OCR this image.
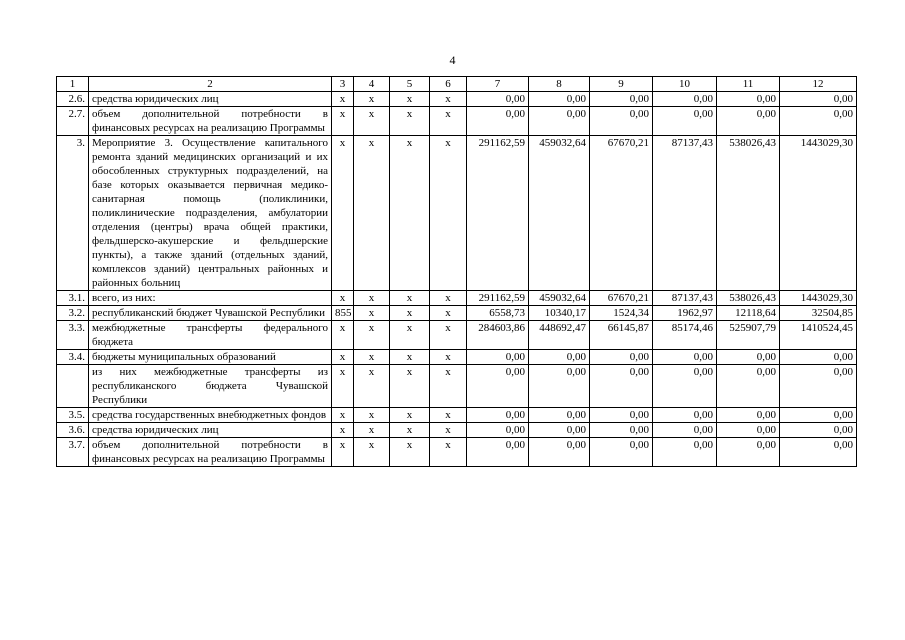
4
1	2	3	4	5	6	7	8	9	10	11	12
2.6.	средства юридических лиц	х	х	х	х	0,00	0,00	0,00	0,00	0,00	0,00
2.7.	объем дополнительной потребности в финансовых ресурсах на реализацию Программы	х	х	х	х	0,00	0,00	0,00	0,00	0,00	0,00
3.	Мероприятие 3. Осуществление капитального ремонта зданий медицинских организаций и их обособленных структурных подразделений, на базе которых оказывается первичная медико-санитарная помощь (поликлиники, поликлинические подразделения, амбулатории отделения (центры) врача общей практики, фельдшерско-акушерские и фельдшерские пункты), а также зданий (отдельных зданий, комплексов зданий) центральных районных и районных больниц	х	х	х	х	291162,59	459032,64	67670,21	87137,43	538026,43	1443029,30
3.1.	всего, из них:	х	х	х	х	291162,59	459032,64	67670,21	87137,43	538026,43	1443029,30
3.2.	республиканский бюджет Чувашской Республики	855	х	х	х	6558,73	10340,17	1524,34	1962,97	12118,64	32504,85
3.3.	межбюджетные трансферты федерального бюджета	х	х	х	х	284603,86	448692,47	66145,87	85174,46	525907,79	1410524,45
3.4.	бюджеты муниципальных образований	х	х	х	х	0,00	0,00	0,00	0,00	0,00	0,00
	из них межбюджетные трансферты из республиканского бюджета Чувашской Республики	х	х	х	х	0,00	0,00	0,00	0,00	0,00	0,00
3.5.	средства государственных внебюджетных фондов	х	х	х	х	0,00	0,00	0,00	0,00	0,00	0,00
3.6.	средства юридических лиц	х	х	х	х	0,00	0,00	0,00	0,00	0,00	0,00
3.7.	объем дополнительной потребности в финансовых ресурсах на реализацию Программы	х	х	х	х	0,00	0,00	0,00	0,00	0,00	0,00
